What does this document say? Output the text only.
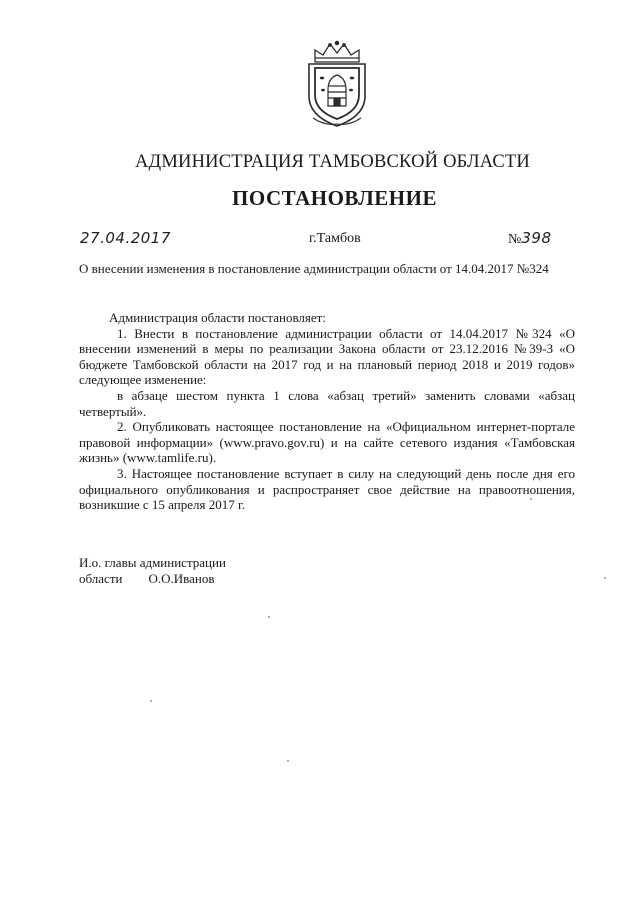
АДМИНИСТРАЦИЯ ТАМБОВСКОЙ ОБЛАСТИ
ПОСТАНОВЛЕНИЕ
27.04.2017	г.Тамбов	№398
О внесении изменения в постановление администрации области от 14.04.2017 №324

Администрация области постановляет:

1. Внести в постановление администрации области от 14.04.2017 №324 «О внесении изменений в меры по реализации Закона области от 23.12.2016 №39-З «О бюджете Тамбовской области на 2017 год и на плановый период 2018 и 2019 годов» следующее изменение:

в абзаце шестом пункта 1 слова «абзац третий» заменить словами «абзац четвертый».

2. Опубликовать настоящее постановление на «Официальном интернет-портале правовой информации» (www.pravo.gov.ru) и на сайте сетевого издания «Тамбовская жизнь» (www.tamlife.ru).

3. Настоящее постановление вступает в силу на следующий день после дня его официального опубликования и распространяет свое действие на правоотношения, возникшие с 15 апреля 2017 г.

И.о. главы администрации
области О.О.Иванов
